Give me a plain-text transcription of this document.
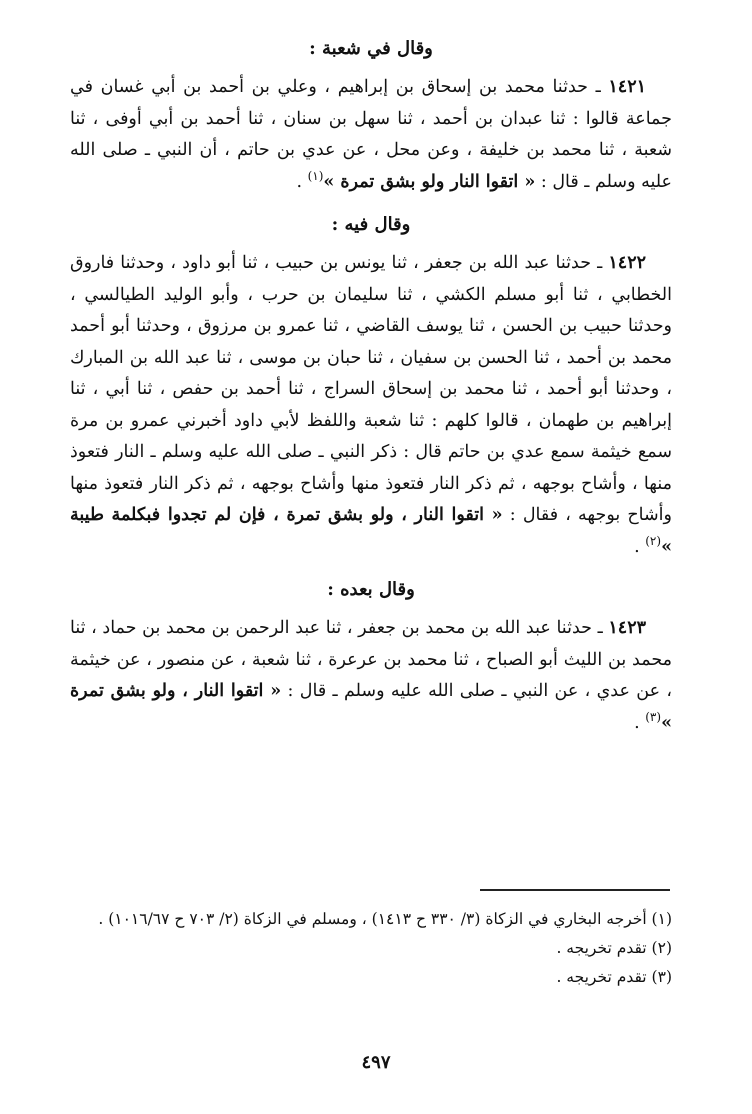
وقال في شعبة :

١٤٢١ ـ حدثنا محمد بن إسحاق بن إبراهيم ، وعلي بن أحمد بن أبي غسان في جماعة قالوا : ثنا عبدان بن أحمد ، ثنا سهل بن سنان ، ثنا أحمد بن أبي أوفى ، ثنا شعبة ، ثنا محمد بن خليفة ، وعن محل ، عن عدي بن حاتم ، أن النبي ـ صلى الله عليه وسلم ـ قال : « اتقوا النار ولو بشق تمرة »$^{(١)}$ .

وقال فيه :

١٤٢٢ ـ حدثنا عبد الله بن جعفر ، ثنا يونس بن حبيب ، ثنا أبو داود ، وحدثنا فاروق الخطابي ، ثنا أبو مسلم الكشي ، ثنا سليمان بن حرب ، وأبو الوليد الطيالسي ، وحدثنا حبيب بن الحسن ، ثنا يوسف القاضي ، ثنا عمرو بن مرزوق ، وحدثنا أبو أحمد محمد بن أحمد ، ثنا الحسن بن سفيان ، ثنا حبان بن موسى ، ثنا عبد الله بن المبارك ، وحدثنا أبو أحمد ، ثنا محمد بن إسحاق السراج ، ثنا أحمد بن حفص ، ثنا أبي ، ثنا إبراهيم بن طهمان ، قالوا كلهم : ثنا شعبة واللفظ لأبي داود أخبرني عمرو بن مرة سمع خيثمة سمع عدي بن حاتم قال : ذكر النبي ـ صلى الله عليه وسلم ـ النار فتعوذ منها ، وأشاح بوجهه ، ثم ذكر النار فتعوذ منها وأشاح بوجهه ، ثم ذكر النار فتعوذ منها وأشاح بوجهه ، فقال : « اتقوا النار ، ولو بشق تمرة ، فإن لم تجدوا فبكلمة طيبة »$^{(٢)}$ .

وقال بعده :

١٤٢٣ ـ حدثنا عبد الله بن محمد بن جعفر ، ثنا عبد الرحمن بن محمد بن حماد ، ثنا محمد بن الليث أبو الصباح ، ثنا محمد بن عرعرة ، ثنا شعبة ، عن منصور ، عن خيثمة ، عن عدي ، عن النبي ـ صلى الله عليه وسلم ـ قال : « اتقوا النار ، ولو بشق تمرة »$^{(٣)}$ .

(١) أخرجه البخاري في الزكاة (٣/ ٣٣٠ ح ١٤١٣) ، ومسلم في الزكاة (٢/ ٧٠٣ ح ١٠١٦/٦٧) .

(٢) تقدم تخريجه .

(٣) تقدم تخريجه .

٤٩٧
